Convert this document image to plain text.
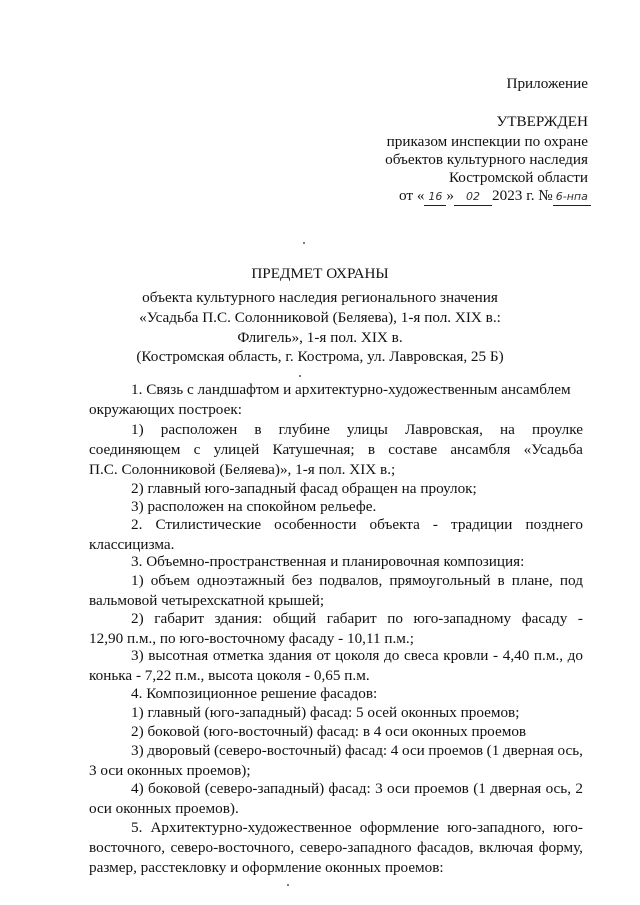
Приложение
УТВЕРЖДЕН
приказом инспекции по охране
объектов культурного наследия
Костромской области
от « 16 » 02 2023 г. № 6-нпа
ПРЕДМЕТ ОХРАНЫ
объекта культурного наследия регионального значения
«Усадьба П.С. Солонниковой (Беляева), 1-я пол. XIX в.:
Флигель», 1-я пол. XIX в.
(Костромская область, г. Кострома, ул. Лавровская, 25 Б)
1. Связь с ландшафтом и архитектурно-художественным ансамблем
окружающих построек:
1) расположен в глубине улицы Лавровская, на проулке
соединяющем с улицей Катушечная; в составе ансамбля «Усадьба
П.С. Солонниковой (Беляева)», 1-я пол. XIX в.;
2) главный юго-западный фасад обращен на проулок;
3) расположен на спокойном рельефе.
2. Стилистические особенности объекта - традиции позднего
классицизма.
3. Объемно-пространственная и планировочная композиция:
1) объем одноэтажный без подвалов, прямоугольный в плане, под
вальмовой четырехскатной крышей;
2) габарит здания: общий габарит по юго-западному фасаду -
12,90 п.м., по юго-восточному фасаду - 10,11 п.м.;
3) высотная отметка здания от цоколя до свеса кровли - 4,40 п.м., до
конька - 7,22 п.м., высота цоколя - 0,65 п.м.
4. Композиционное решение фасадов:
1) главный (юго-западный) фасад: 5 осей оконных проемов;
2) боковой (юго-восточный) фасад: в 4 оси оконных проемов
3) дворовый (северо-восточный) фасад: 4 оси проемов (1 дверная ось,
3 оси оконных проемов);
4) боковой (северо-западный) фасад: 3 оси проемов (1 дверная ось, 2
оси оконных проемов).
5. Архитектурно-художественное оформление юго-западного, юго-
восточного, северо-восточного, северо-западного фасадов, включая форму,
размер, расстекловку и оформление оконных проемов:
